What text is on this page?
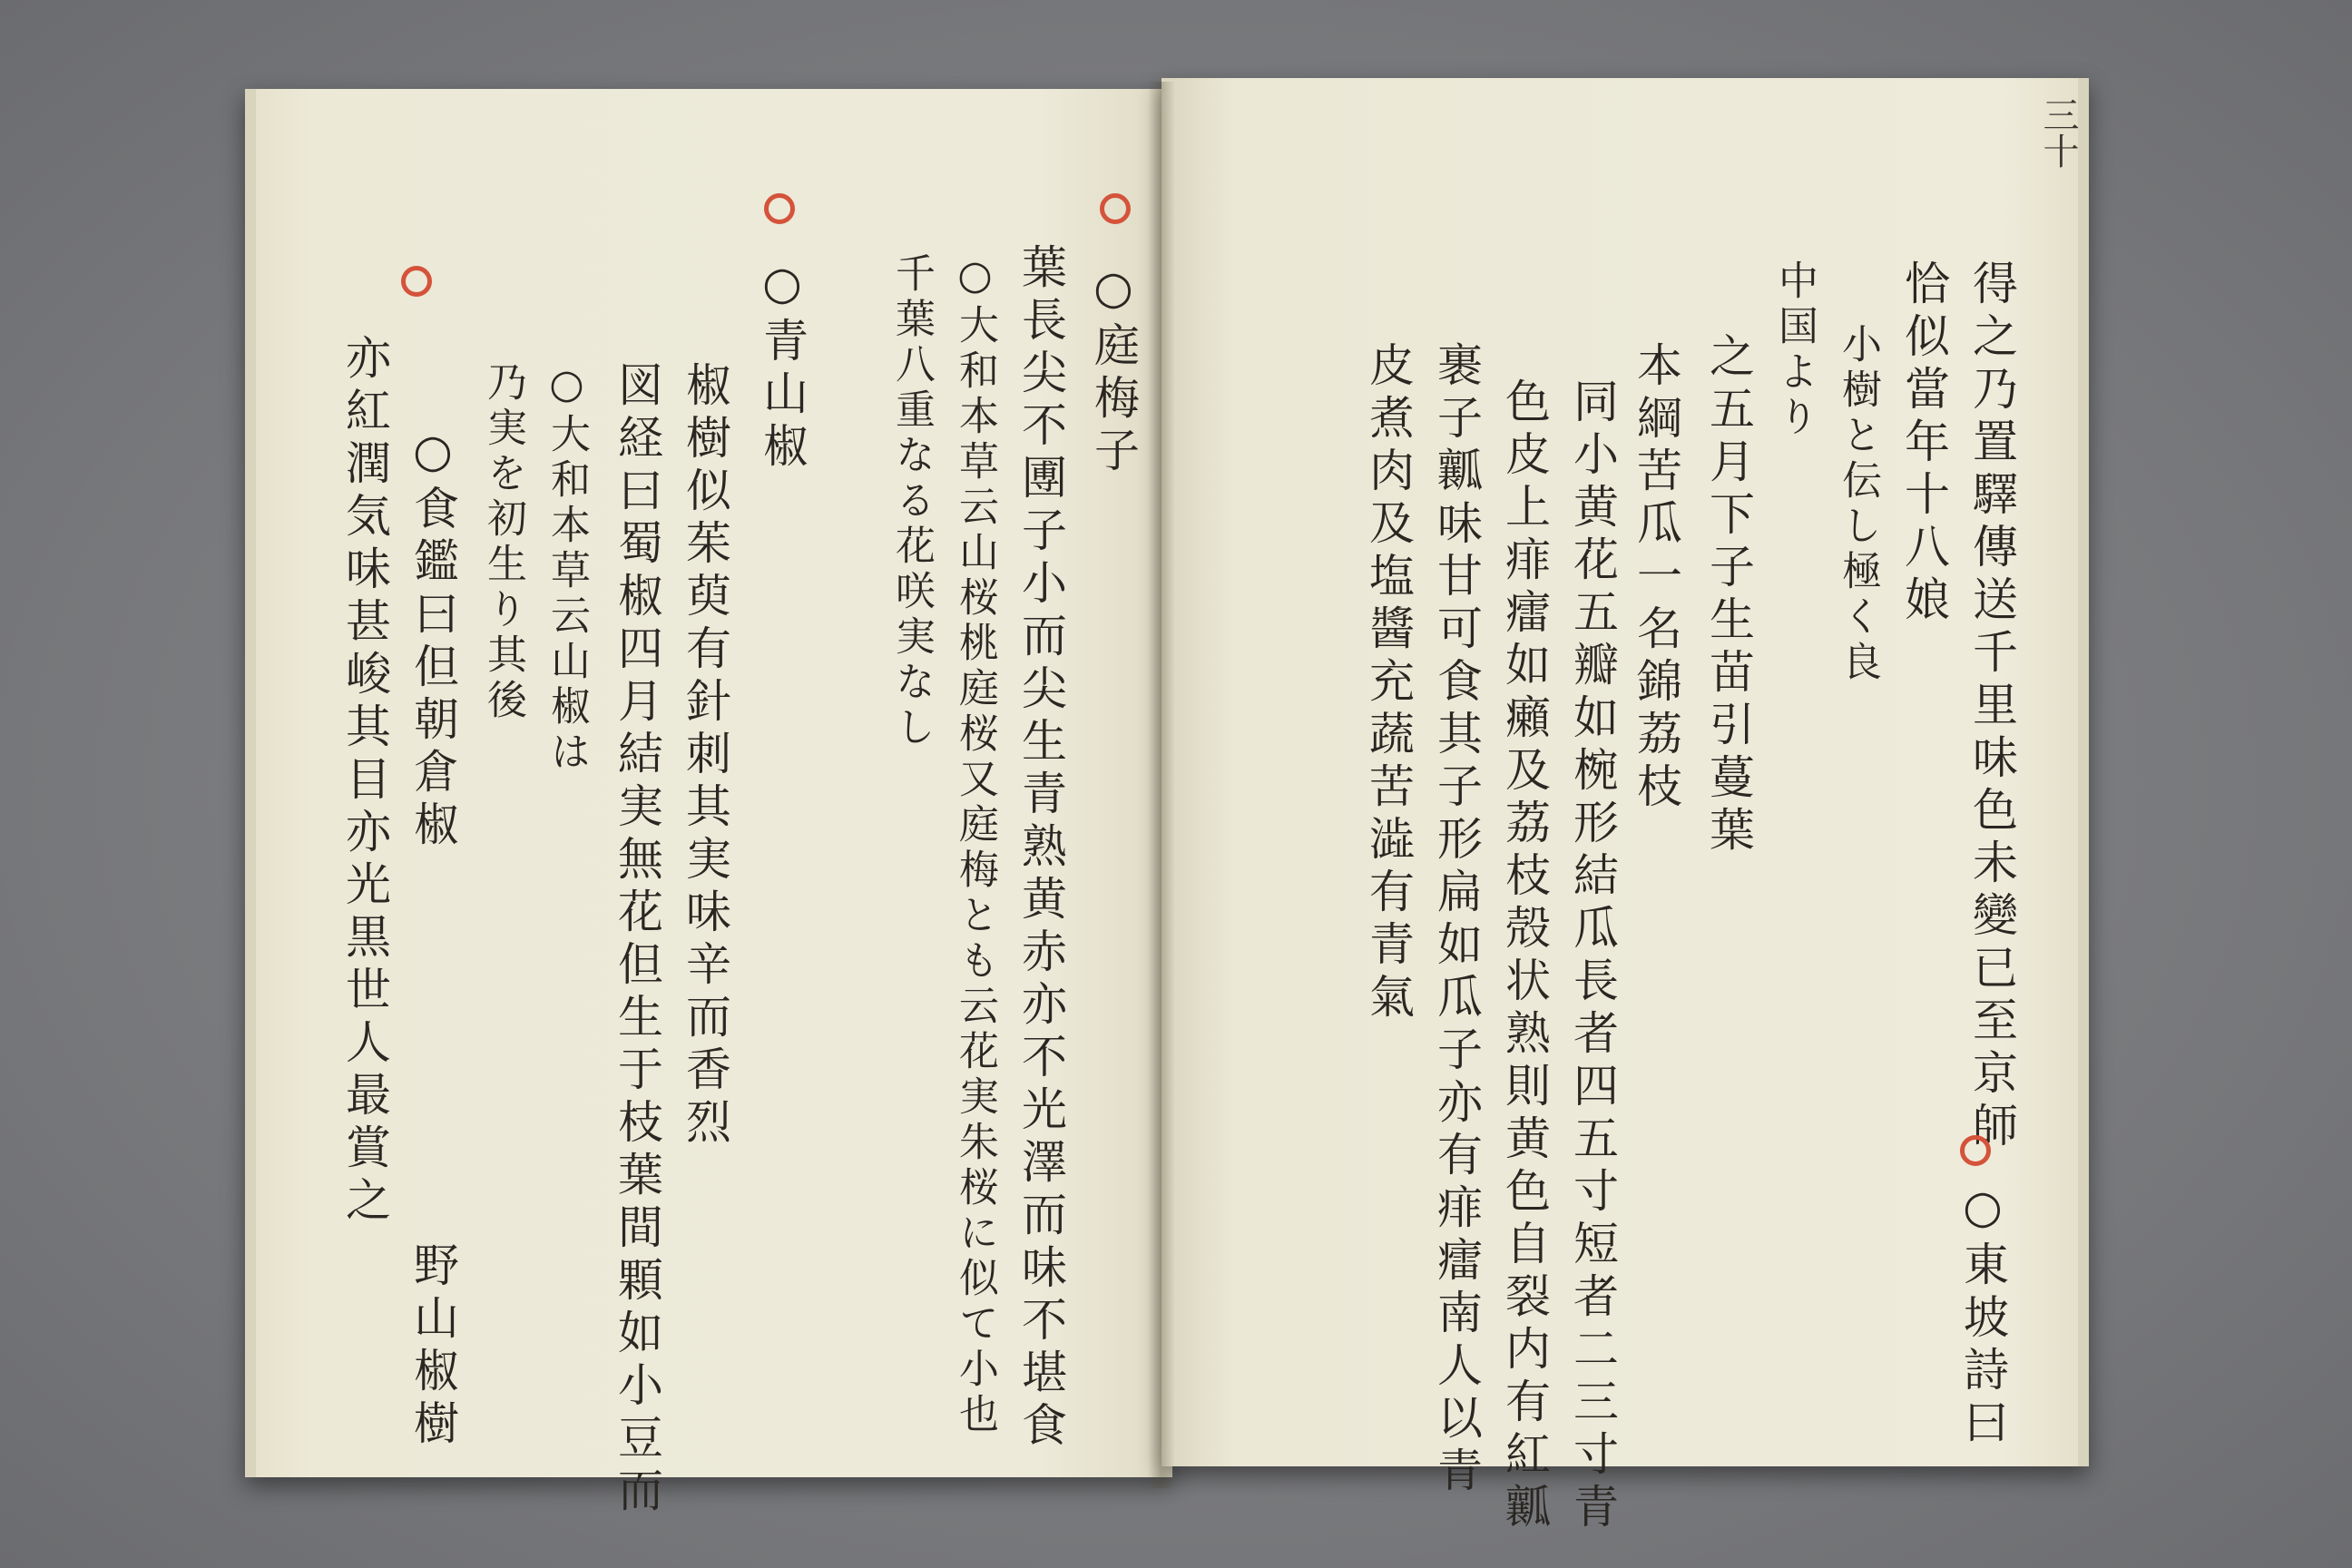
○庭梅子
葉長尖不圑子小而尖生青熟黄赤亦不光澤而味不堪食
○大和本草云山桜桃庭桜又庭梅とも云花実朱桜に似て小也
千葉八重なる花咲実なし
○青山椒
椒樹似茱萸有針刺其実味辛而香烈
図経曰蜀椒四月結実無花但生于枝葉間顆如小豆而
○大和本草云山椒は
乃実を初生り其後
○食鑑曰但朝倉椒
亦紅潤気味甚峻其目亦光黒世人最賞之
野山椒樹
三十
得之乃置驛傳送千里味色未變已至京師
恰似當年十八娘
○東坡詩曰
小樹と伝し極く良
中国より
之五月下子生苗引蔓葉
本綱苦瓜一名錦荔枝
同小黄花五瓣如椀形結瓜長者四五寸短者二三寸青
色皮上痱癗如癩及荔枝殻状熟則黄色自裂内有紅瓤
裹子瓤味甘可食其子形扁如瓜子亦有痱癗南人以青
皮煮肉及塩醬充蔬苦澁有青氣
